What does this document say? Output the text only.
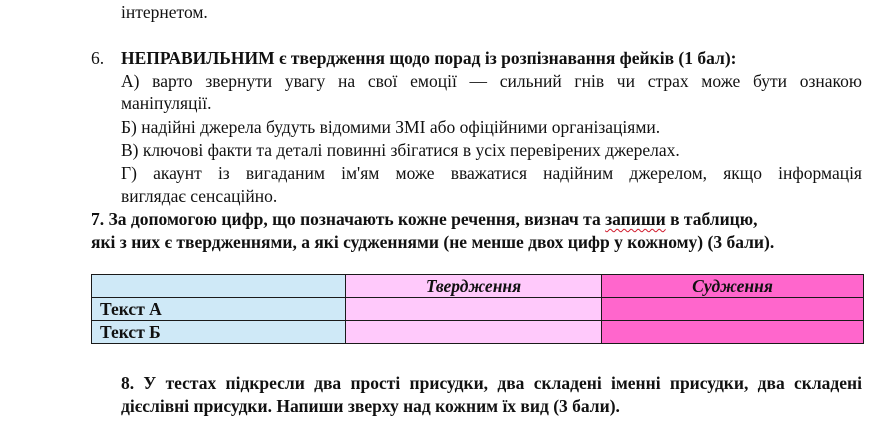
інтернетом.
6. НЕПРАВИЛЬНИМ є твердження щодо порад із розпізнавання фейків (1 бал):
А) варто звернути увагу на свої емоції — сильний гнів чи страх може бути ознакою
маніпуляції.
Б) надійні джерела будуть відомими ЗМІ або офіційними організаціями.
В) ключові факти та деталі повинні збігатися в усіх перевірених джерелах.
Г) акаунт із вигаданим ім'ям може вважатися надійним джерелом, якщо інформація
виглядає сенсаційно.
7. За допомогою цифр, що позначають кожне речення, визнач та запиши в таблицю,
які з них є твердженнями, а які судженнями (не менше двох цифр у кожному) (3 бали).
	Твердження	Судження
Текст А		
Текст Б		
8. У тестах підкресли два прості присудки, два складені іменні присудки, два складені
дієслівні присудки. Напиши зверху над кожним їх вид (3 бали).
